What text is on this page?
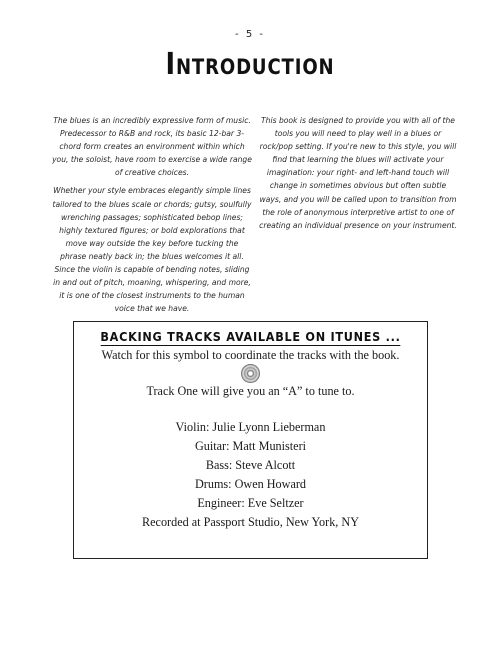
- 5 -
Introduction

The blues is an incredibly expressive form of music. Predecessor to R&B and rock, its basic 12-bar 3-chord form creates an environment within which you, the soloist, have room to exercise a wide range of creative choices.

Whether your style embraces elegantly simple lines tailored to the blues scale or chords; gutsy, soulfully wrenching passages; sophisticated bebop lines; highly textured figures; or bold explorations that move way outside the key before tucking the phrase neatly back in; the blues welcomes it all. Since the violin is capable of bending notes, sliding in and out of pitch, moaning, whispering, and more, it is one of the closest instruments to the human voice that we have.

This book is designed to provide you with all of the tools you will need to play well in a blues or rock/pop setting. If you're new to this style, you will find that learning the blues will activate your imagination: your right- and left-hand touch will change in sometimes obvious but often subtle ways, and you will be called upon to transition from the role of anonymous interpretive artist to one of creating an individual presence on your instrument.

BACKING TRACKS AVAILABLE ON ITUNES ...
Watch for this symbol to coordinate the tracks with the book.
Track One will give you an “A” to tune to.
Violin: Julie Lyonn Lieberman
Guitar: Matt Munisteri
Bass: Steve Alcott
Drums: Owen Howard
Engineer: Eve Seltzer
Recorded at Passport Studio, New York, NY
